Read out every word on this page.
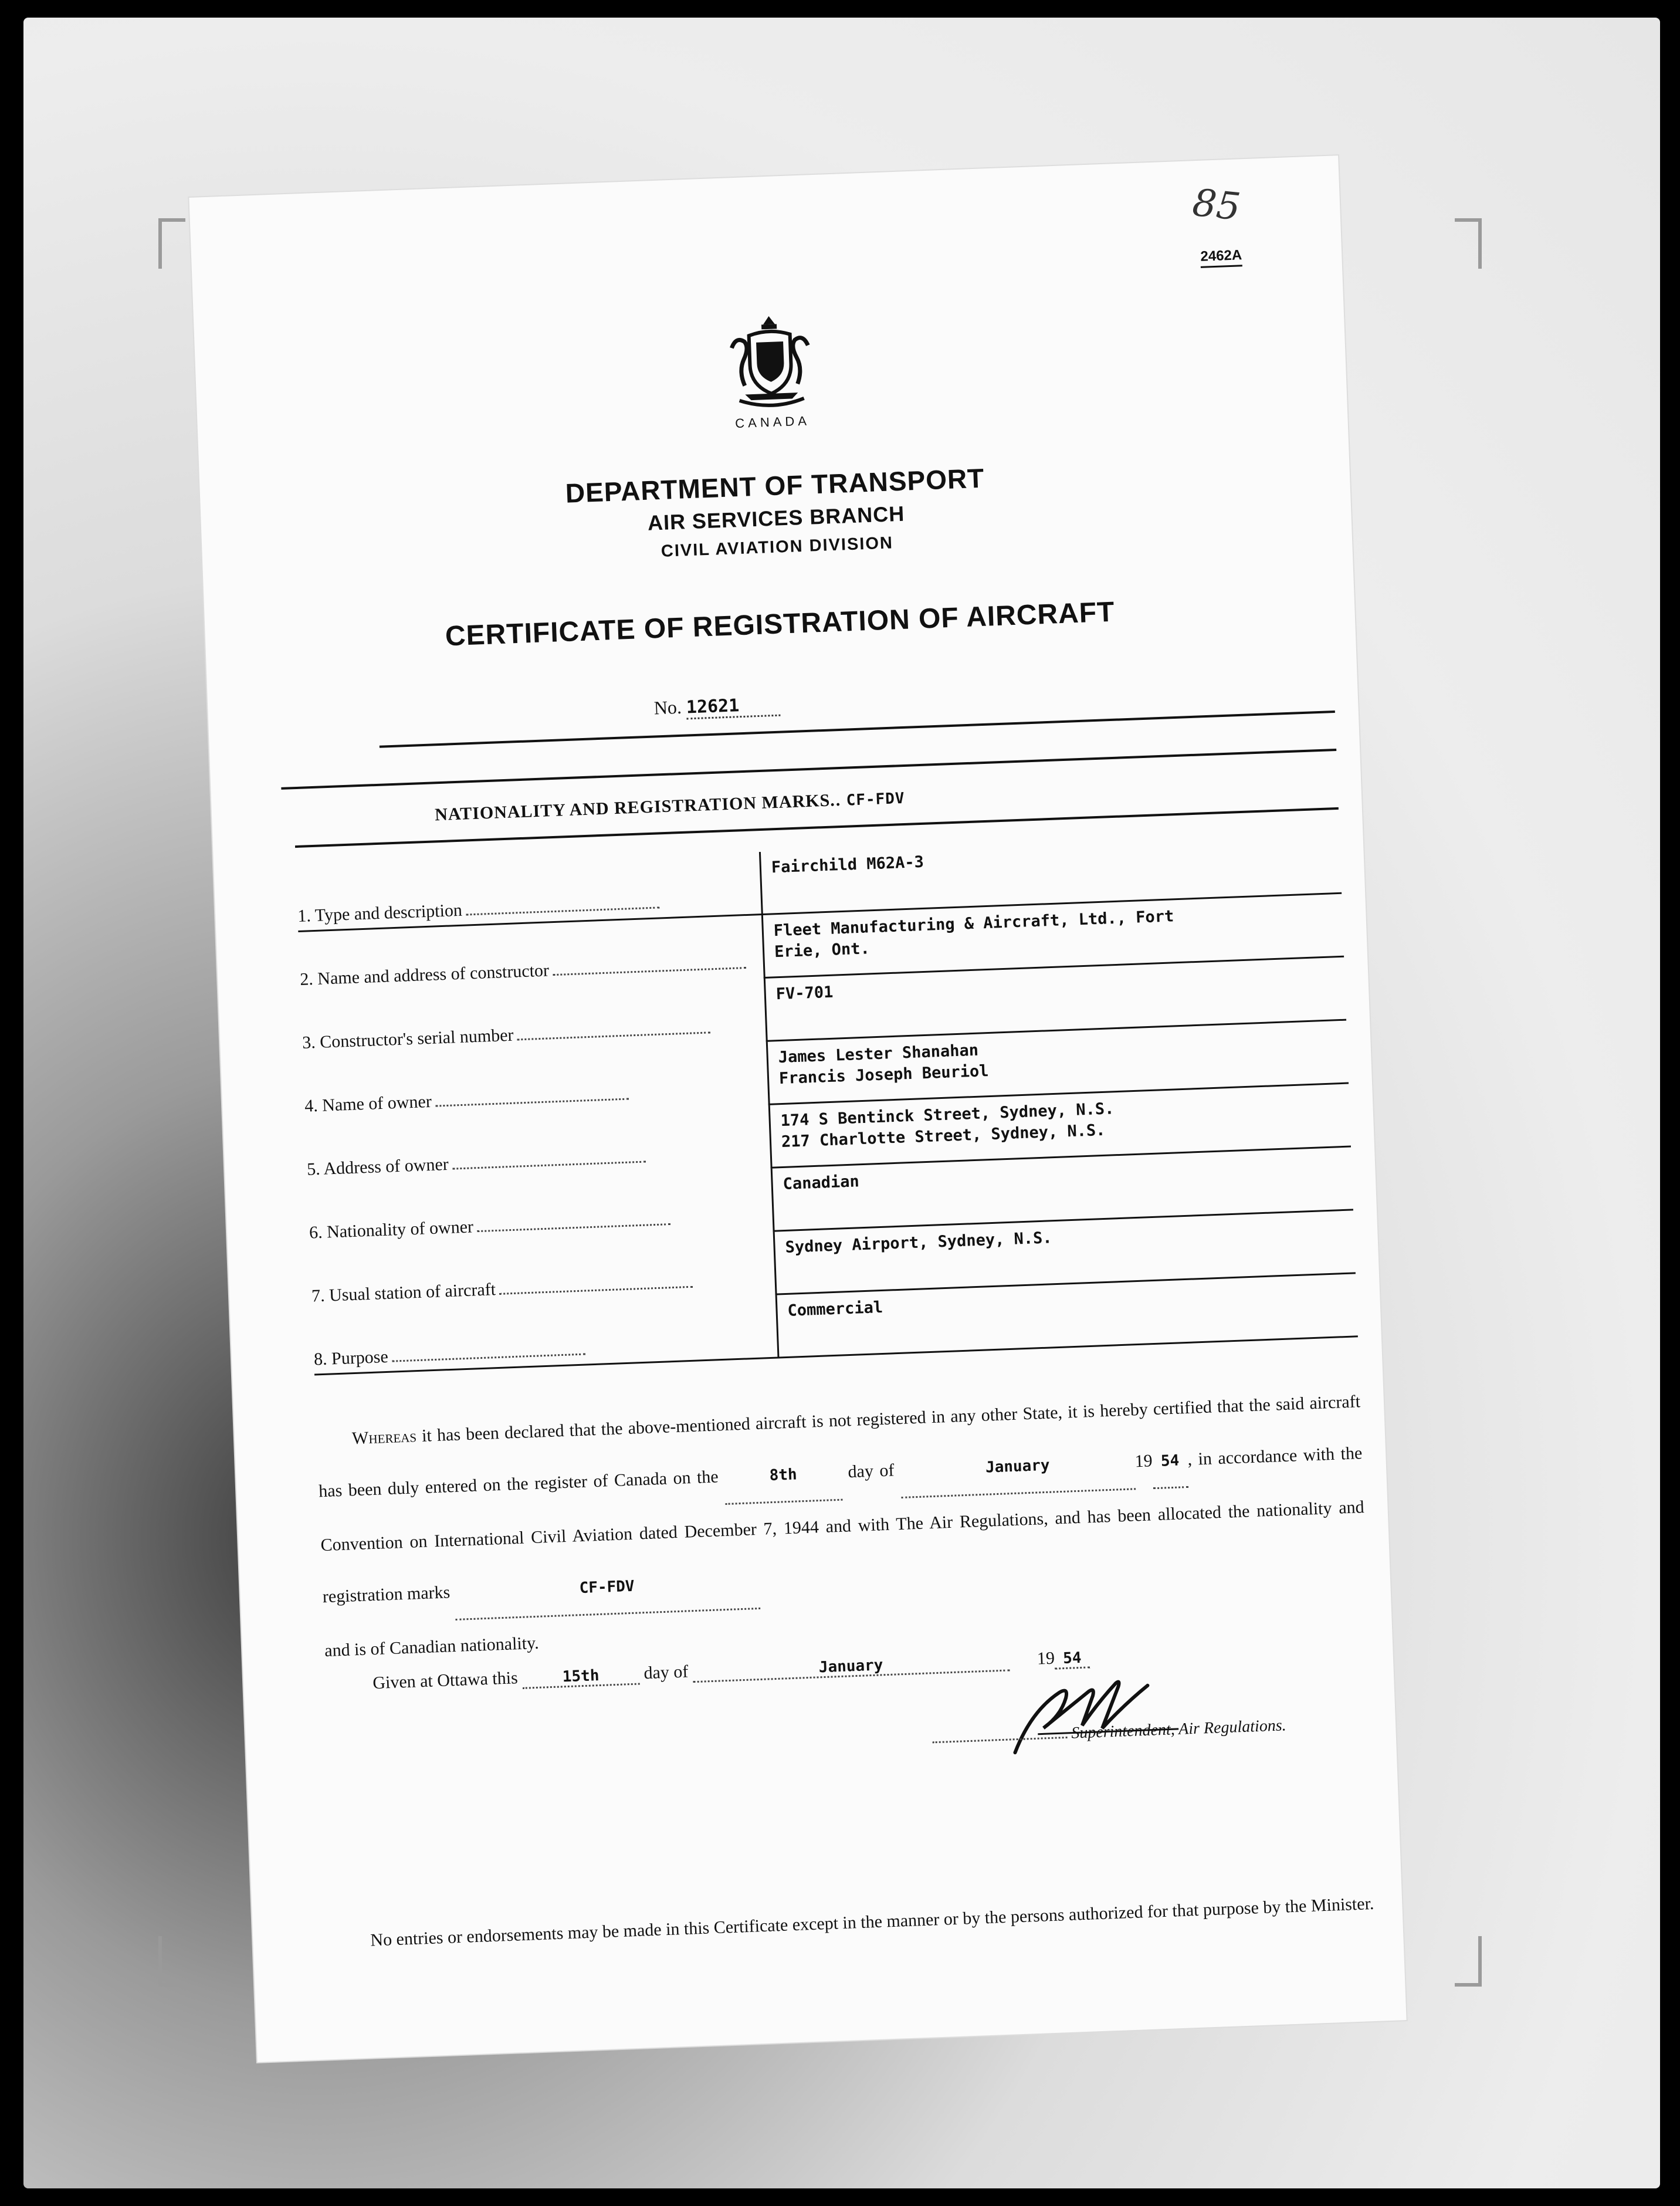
85
2462A
CANADA
DEPARTMENT OF TRANSPORT
AIR SERVICES BRANCH
CIVIL AVIATION DIVISION
CERTIFICATE OF REGISTRATION OF AIRCRAFT
No. 12621
NATIONALITY AND REGISTRATION MARKS.. CF-FDV
1. Type and description
Fairchild M62A-3
2. Name and address of constructor
Fleet Manufacturing & Aircraft, Ltd., Fort Erie, Ont.
3. Constructor's serial number
FV-701
4. Name of owner
James Lester Shanahan
Francis Joseph Beuriol
5. Address of owner
174 S Bentinck Street, Sydney, N.S.
217 Charlotte Street, Sydney, N.S.
6. Nationality of owner
Canadian
7. Usual station of aircraft
Sydney Airport, Sydney, N.S.
8. Purpose
Commercial
Whereas it has been declared that the above-mentioned aircraft is not registered in any other State, it is hereby certified that the said aircraft has been duly entered on the register of Canada on the	8th	day of	January	19 54 , in accordance with the Convention on International Civil Aviation dated December 7, 1944 and with The Air Regulations, and has been allocated the nationality and registration marks	CF-FDV
and is of Canadian nationality.
Given at Ottawa this	15th day of	January	19 54
Superintendent, Air Regulations.
No entries or endorsements may be made in this Certificate except in the manner or by the persons authorized for that purpose by the Minister.
